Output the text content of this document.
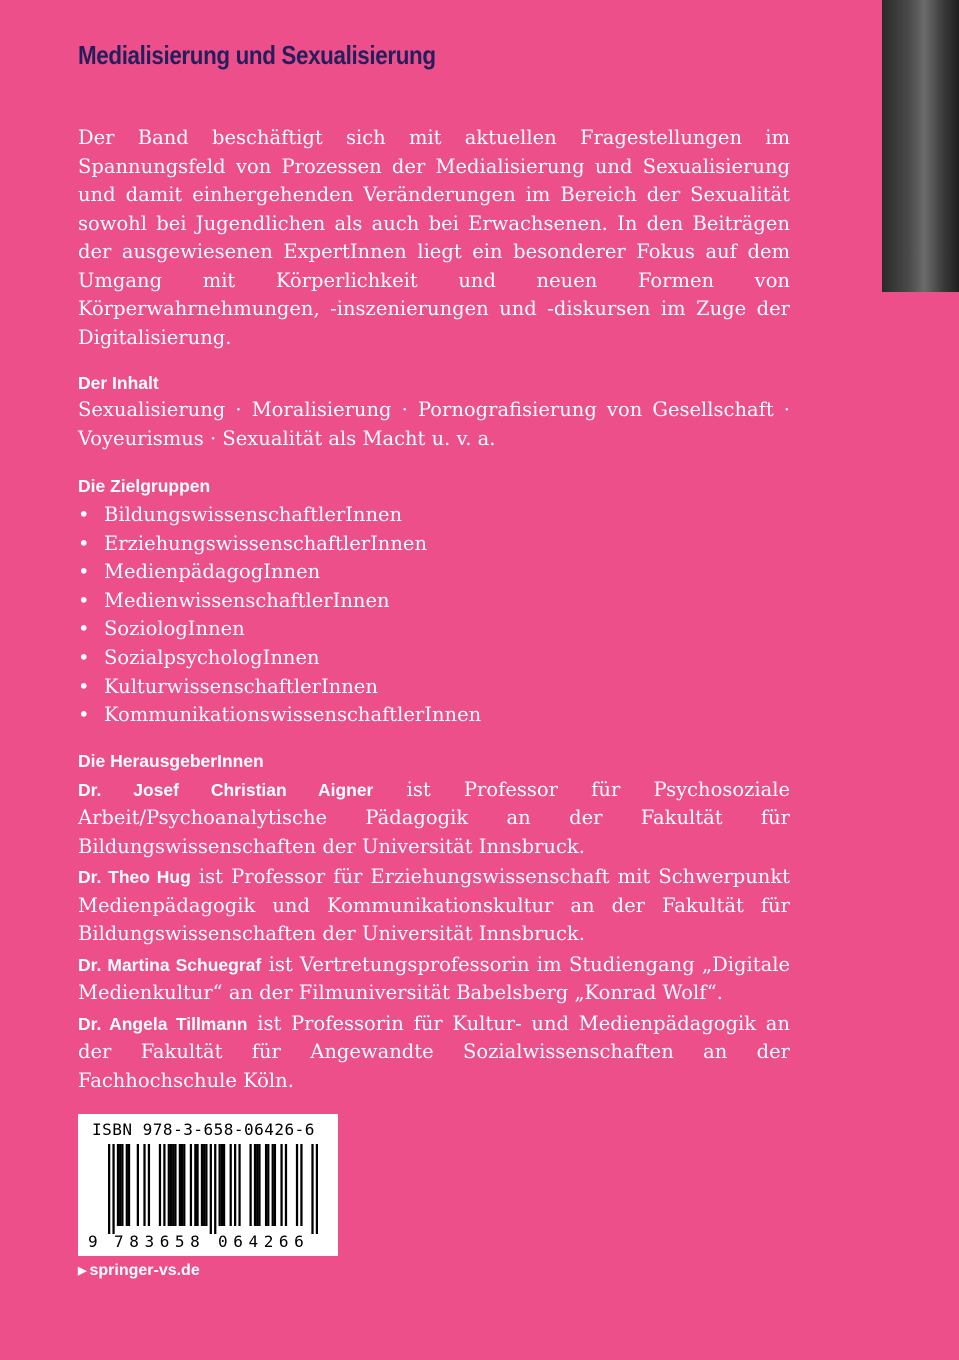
Medialisierung und Sexualisierung

Der Band beschäftigt sich mit aktuellen Fragestellungen im Spannungsfeld von Prozessen der Medialisierung und Sexualisierung und damit einhergehenden Veränderungen im Bereich der Sexualität sowohl bei Jugendlichen als auch bei Erwachsenen. In den Beiträgen der ausgewiesenen ExpertInnen liegt ein besonderer Fokus auf dem Umgang mit Körperlichkeit und neuen Formen von Körperwahrnehmungen, -inszenierungen und -diskursen im Zuge der Digitalisierung.

Der Inhalt

Sexualisierung · Moralisierung · Pornografisierung von Gesellschaft · Voyeurismus · Sexualität als Macht u. v. a.

Die Zielgruppen
• BildungswissenschaftlerInnen
• ErziehungswissenschaftlerInnen
• MedienpädagogInnen
• MedienwissenschaftlerInnen
• SoziologInnen
• SozialpsychologInnen
• KulturwissenschaftlerInnen
• KommunikationswissenschaftlerInnen
Die HerausgeberInnen

Dr. Josef Christian Aigner ist Professor für Psychosoziale Arbeit/Psychoanalytische Pädagogik an der Fakultät für Bildungswissenschaften der Universität Innsbruck.

Dr. Theo Hug ist Professor für Erziehungswissenschaft mit Schwerpunkt Medienpädagogik und Kommunikationskultur an der Fakultät für Bildungswissenschaften der Universität Innsbruck.

Dr. Martina Schuegraf ist Vertretungsprofessorin im Studiengang „Digitale Medienkultur“ an der Filmuniversität Babelsberg „Konrad Wolf“.

Dr. Angela Tillmann ist Professorin für Kultur- und Medienpädagogik an der Fakultät für Angewandte Sozialwissenschaften an der Fachhochschule Köln.

ISBN 978-3-658-06426-6
9 783658 064266
▶ springer-vs.de
